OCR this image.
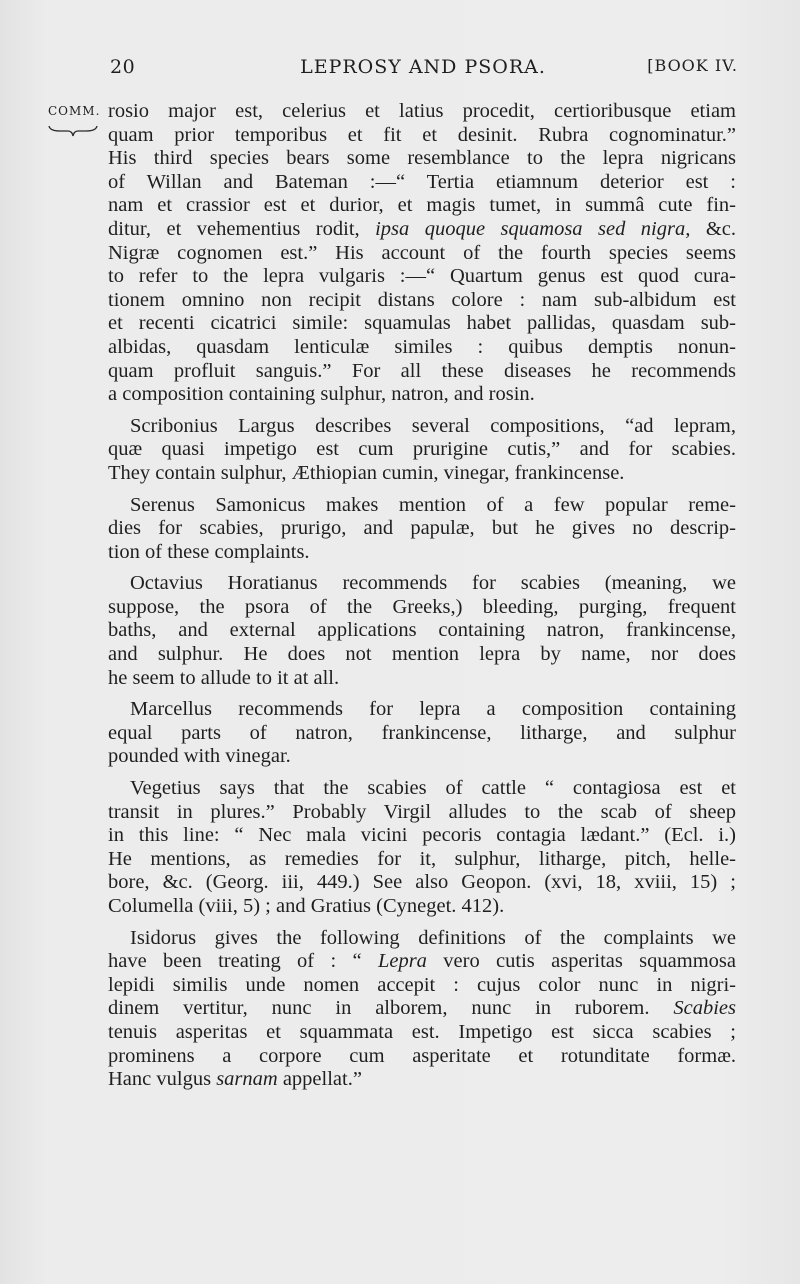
20	LEPROSY AND PSORA.	[BOOK IV.
COMM. rosio major est, celerius et latius procedit, certioribusque etiam
quam prior temporibus et fit et desinit. Rubra cognominatur.”
His third species bears some resemblance to the lepra nigricans
of Willan and Bateman :—“ Tertia etiamnum deterior est :
nam et crassior est et durior, et magis tumet, in summâ cute fin-
ditur, et vehementius rodit, ipsa quoque squamosa sed nigra, &c.
Nigræ cognomen est.” His account of the fourth species seems
to refer to the lepra vulgaris :—“ Quartum genus est quod cura-
tionem omnino non recipit distans colore : nam sub-albidum est
et recenti cicatrici simile: squamulas habet pallidas, quasdam sub-
albidas, quasdam lenticulæ similes : quibus demptis nonun-
quam profluit sanguis.” For all these diseases he recommends
a composition containing sulphur, natron, and rosin.
Scribonius Largus describes several compositions, “ad lepram,
quæ quasi impetigo est cum prurigine cutis,” and for scabies.
They contain sulphur, Æthiopian cumin, vinegar, frankincense.
Serenus Samonicus makes mention of a few popular reme-
dies for scabies, prurigo, and papulæ, but he gives no descrip-
tion of these complaints.
Octavius Horatianus recommends for scabies (meaning, we
suppose, the psora of the Greeks,) bleeding, purging, frequent
baths, and external applications containing natron, frankincense,
and sulphur. He does not mention lepra by name, nor does
he seem to allude to it at all.
Marcellus recommends for lepra a composition containing
equal parts of natron, frankincense, litharge, and sulphur
pounded with vinegar.
Vegetius says that the scabies of cattle “ contagiosa est et
transit in plures.” Probably Virgil alludes to the scab of sheep
in this line: “ Nec mala vicini pecoris contagia lædant.” (Ecl. i.)
He mentions, as remedies for it, sulphur, litharge, pitch, helle-
bore, &c. (Georg. iii, 449.) See also Geopon. (xvi, 18, xviii, 15) ;
Columella (viii, 5) ; and Gratius (Cyneget. 412).
Isidorus gives the following definitions of the complaints we
have been treating of : “ Lepra vero cutis asperitas squammosa
lepidi similis unde nomen accepit : cujus color nunc in nigri-
dinem vertitur, nunc in alborem, nunc in ruborem. Scabies
tenuis asperitas et squammata est. Impetigo est sicca scabies ;
prominens a corpore cum asperitate et rotunditate formæ.
Hanc vulgus sarnam appellat.”
